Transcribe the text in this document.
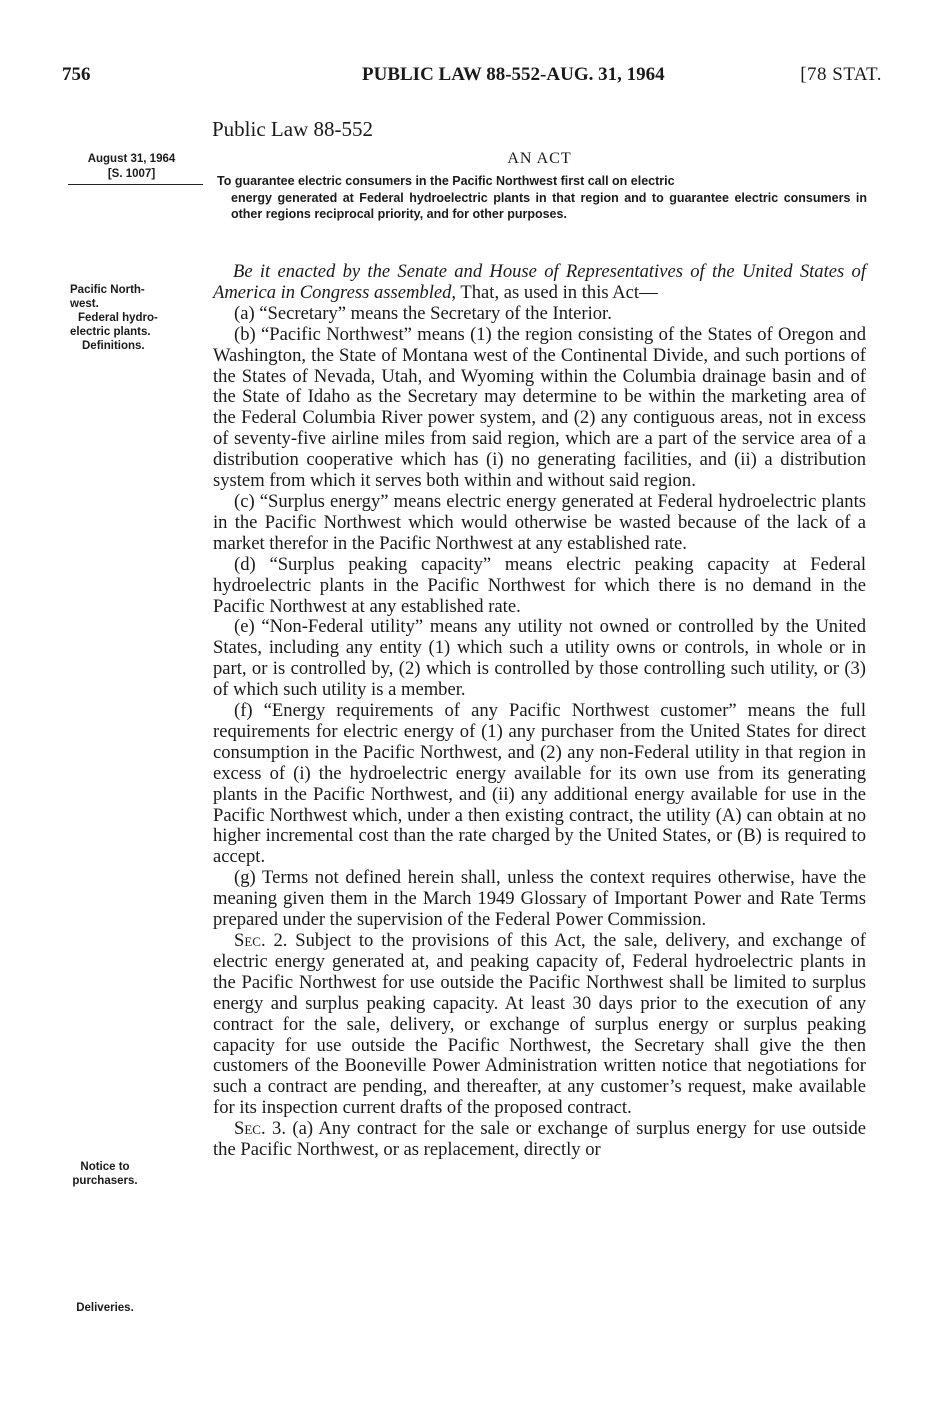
756	PUBLIC LAW 88-552-AUG. 31, 1964	[78 STAT.
Public Law 88-552
August 31, 1964
[S. 1007]
AN ACT
To guarantee electric consumers in the Pacific Northwest first call on electric
energy generated at Federal hydroelectric plants in that region and to guarantee electric consumers in other regions reciprocal priority, and for other purposes.
Pacific North-
west.
Federal hydro-
electric plants.
Definitions.
Notice to
purchasers.
Deliveries.

Be it enacted by the Senate and House of Representatives of the United States of America in Congress assembled, That, as used in this Act—

(a) “Secretary” means the Secretary of the Interior.

(b) “Pacific Northwest” means (1) the region consisting of the States of Oregon and Washington, the State of Montana west of the Continental Divide, and such portions of the States of Nevada, Utah, and Wyoming within the Columbia drainage basin and of the State of Idaho as the Secretary may determine to be within the marketing area of the Federal Columbia River power system, and (2) any contiguous areas, not in excess of seventy-five airline miles from said region, which are a part of the service area of a distribution cooperative which has (i) no generating facilities, and (ii) a distribution system from which it serves both within and without said region.

(c) “Surplus energy” means electric energy generated at Federal hydroelectric plants in the Pacific Northwest which would otherwise be wasted because of the lack of a market therefor in the Pacific Northwest at any established rate.

(d) “Surplus peaking capacity” means electric peaking capacity at Federal hydroelectric plants in the Pacific Northwest for which there is no demand in the Pacific Northwest at any established rate.

(e) “Non-Federal utility” means any utility not owned or controlled by the United States, including any entity (1) which such a utility owns or controls, in whole or in part, or is controlled by, (2) which is controlled by those controlling such utility, or (3) of which such utility is a member.

(f) “Energy requirements of any Pacific Northwest customer” means the full requirements for electric energy of (1) any purchaser from the United States for direct consumption in the Pacific Northwest, and (2) any non-Federal utility in that region in excess of (i) the hydroelectric energy available for its own use from its generating plants in the Pacific Northwest, and (ii) any additional energy available for use in the Pacific Northwest which, under a then existing contract, the utility (A) can obtain at no higher incremental cost than the rate charged by the United States, or (B) is required to accept.

(g) Terms not defined herein shall, unless the context requires otherwise, have the meaning given them in the March 1949 Glossary of Important Power and Rate Terms prepared under the supervision of the Federal Power Commission.

Sec. 2. Subject to the provisions of this Act, the sale, delivery, and exchange of electric energy generated at, and peaking capacity of, Federal hydroelectric plants in the Pacific Northwest for use outside the Pacific Northwest shall be limited to surplus energy and surplus peaking capacity. At least 30 days prior to the execution of any contract for the sale, delivery, or exchange of surplus energy or surplus peaking capacity for use outside the Pacific Northwest, the Secretary shall give the then customers of the Booneville Power Administration written notice that negotiations for such a contract are pending, and thereafter, at any customer’s request, make available for its inspection current drafts of the proposed contract.

Sec. 3. (a) Any contract for the sale or exchange of surplus energy for use outside the Pacific Northwest, or as replacement, directly or
